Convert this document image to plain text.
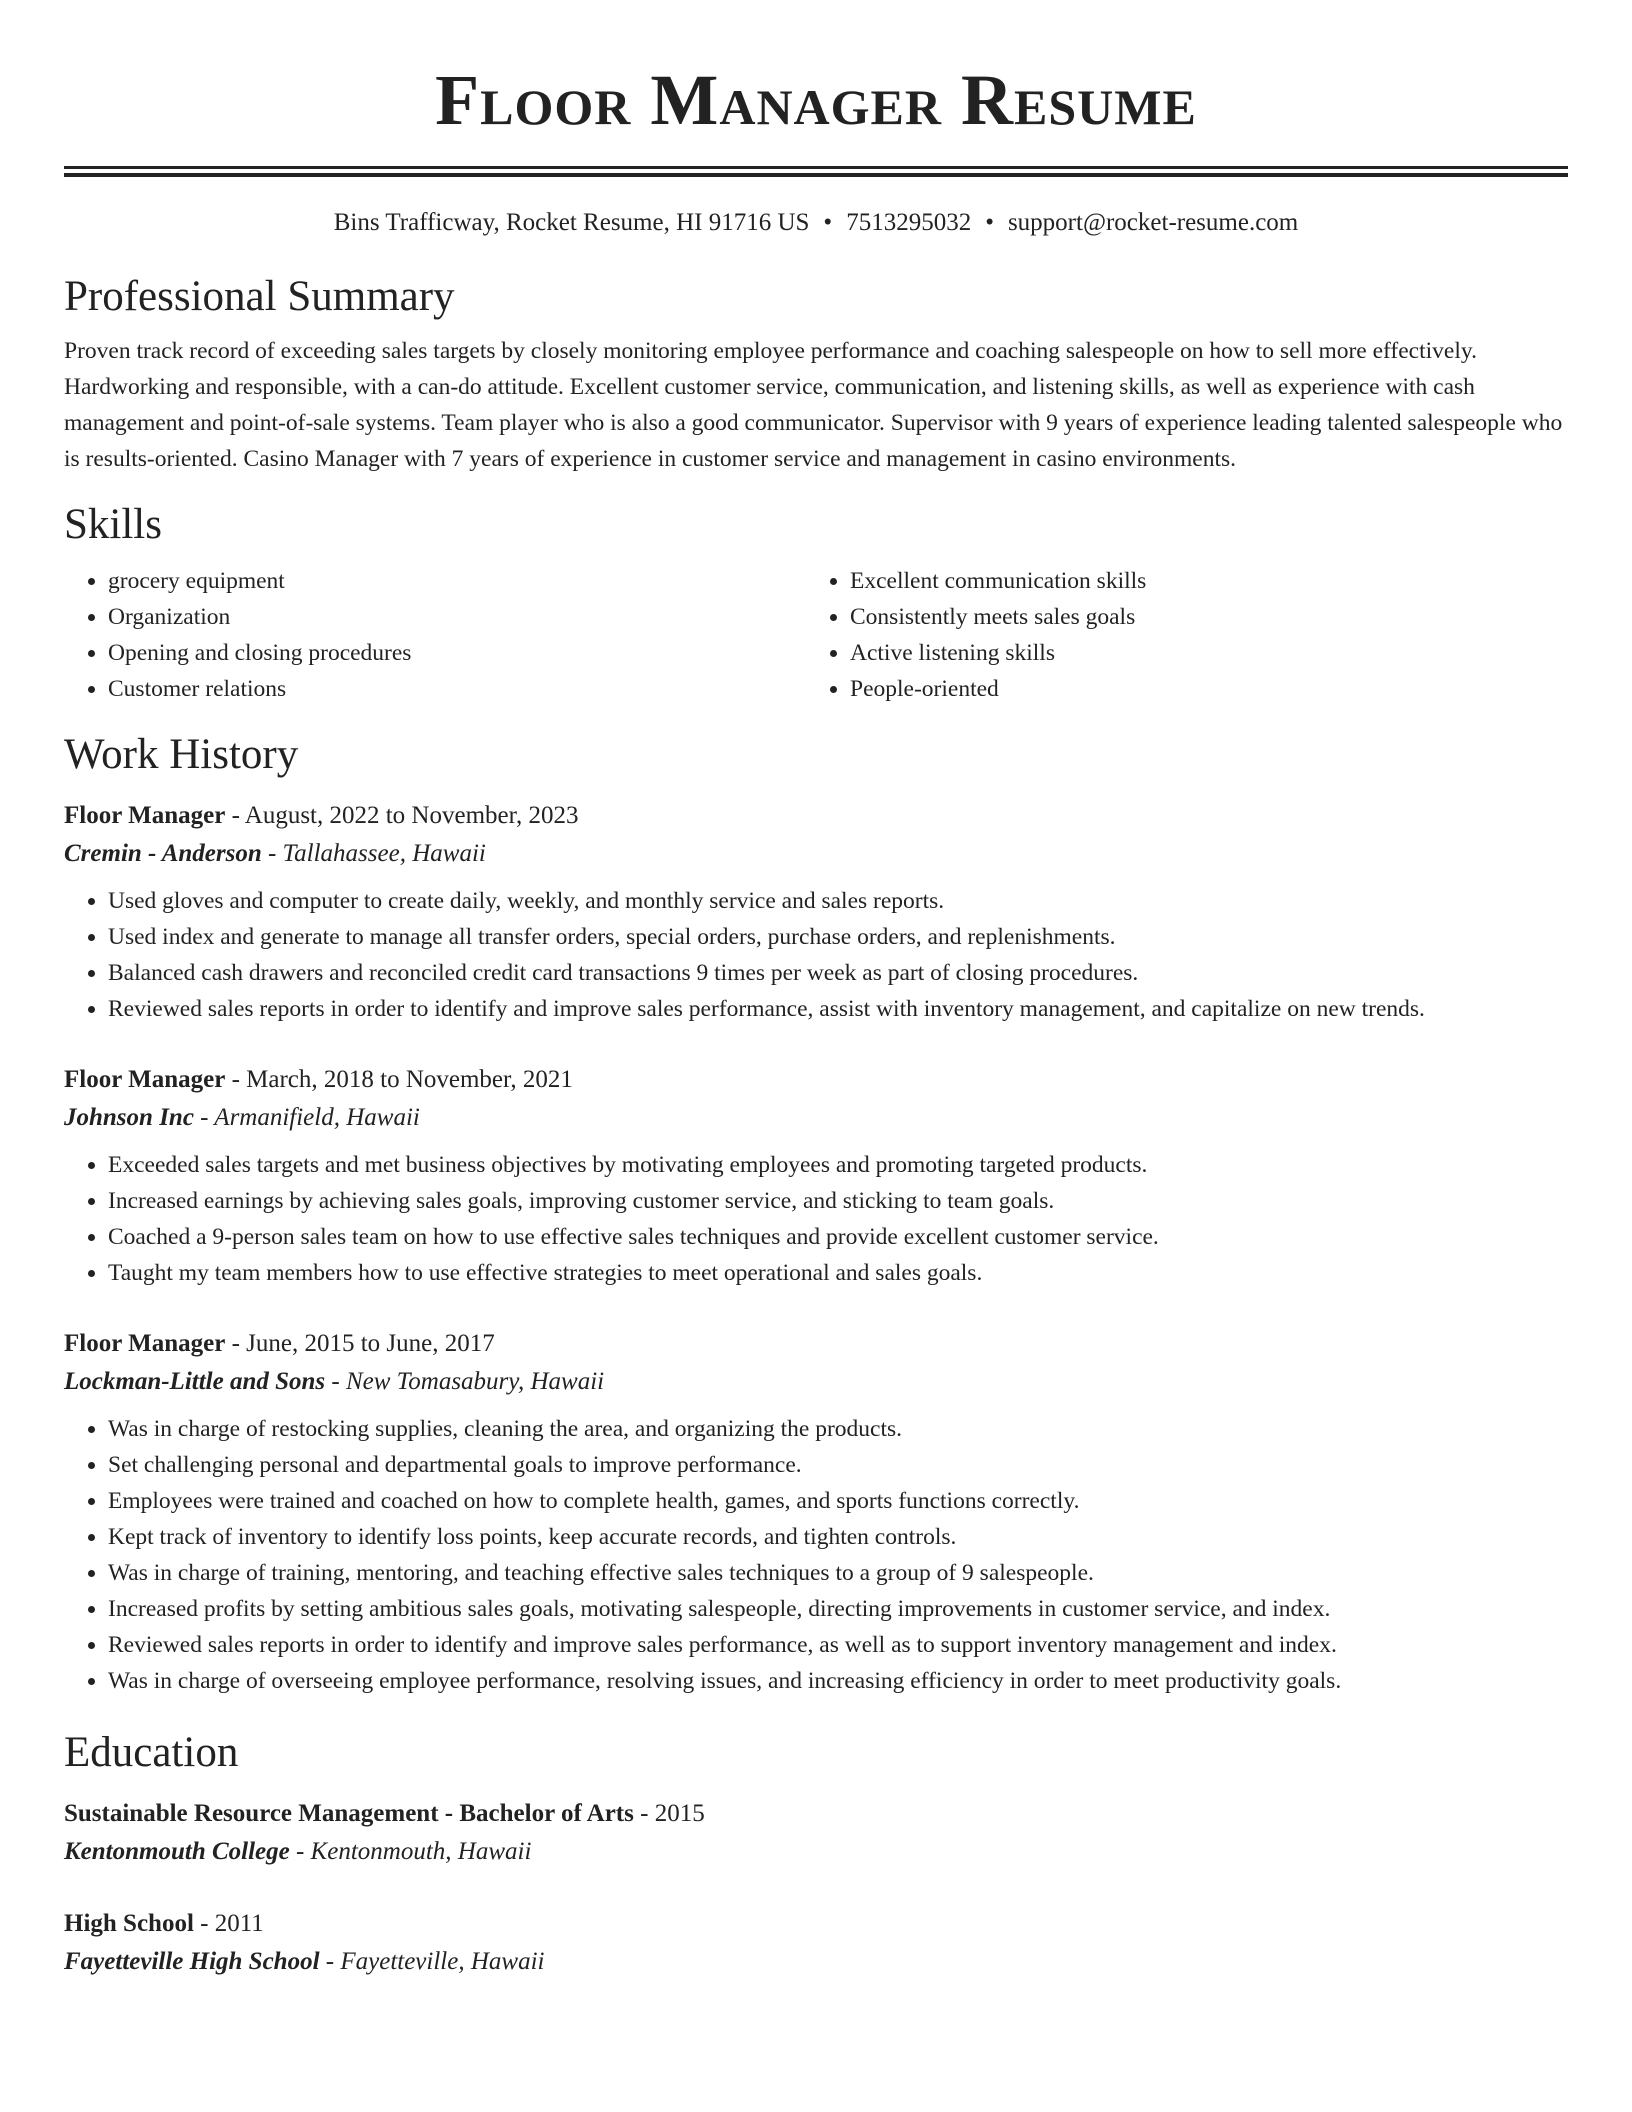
Floor Manager Resume
Bins Trafficway, Rocket Resume, HI 91716 US • 7513295032 • support@rocket-resume.com
Professional Summary

Proven track record of exceeding sales targets by closely monitoring employee performance and coaching salespeople on how to sell more effectively. Hardworking and responsible, with a can-do attitude. Excellent customer service, communication, and listening skills, as well as experience with cash management and point-of-sale systems. Team player who is also a good communicator. Supervisor with 9 years of experience leading talented salespeople who is results-oriented. Casino Manager with 7 years of experience in customer service and management in casino environments.

Skills
• grocery equipment
• Organization
• Opening and closing procedures
• Customer relations
• Excellent communication skills
• Consistently meets sales goals
• Active listening skills
• People-oriented
Work History
Floor Manager - August, 2022 to November, 2023
Cremin - Anderson - Tallahassee, Hawaii
• Used gloves and computer to create daily, weekly, and monthly service and sales reports.
• Used index and generate to manage all transfer orders, special orders, purchase orders, and replenishments.
• Balanced cash drawers and reconciled credit card transactions 9 times per week as part of closing procedures.
• Reviewed sales reports in order to identify and improve sales performance, assist with inventory management, and capitalize on new trends.
Floor Manager - March, 2018 to November, 2021
Johnson Inc - Armanifield, Hawaii
• Exceeded sales targets and met business objectives by motivating employees and promoting targeted products.
• Increased earnings by achieving sales goals, improving customer service, and sticking to team goals.
• Coached a 9-person sales team on how to use effective sales techniques and provide excellent customer service.
• Taught my team members how to use effective strategies to meet operational and sales goals.
Floor Manager - June, 2015 to June, 2017
Lockman-Little and Sons - New Tomasabury, Hawaii
• Was in charge of restocking supplies, cleaning the area, and organizing the products.
• Set challenging personal and departmental goals to improve performance.
• Employees were trained and coached on how to complete health, games, and sports functions correctly.
• Kept track of inventory to identify loss points, keep accurate records, and tighten controls.
• Was in charge of training, mentoring, and teaching effective sales techniques to a group of 9 salespeople.
• Increased profits by setting ambitious sales goals, motivating salespeople, directing improvements in customer service, and index.
• Reviewed sales reports in order to identify and improve sales performance, as well as to support inventory management and index.
• Was in charge of overseeing employee performance, resolving issues, and increasing efficiency in order to meet productivity goals.
Education
Sustainable Resource Management - Bachelor of Arts - 2015
Kentonmouth College - Kentonmouth, Hawaii
High School - 2011
Fayetteville High School - Fayetteville, Hawaii
